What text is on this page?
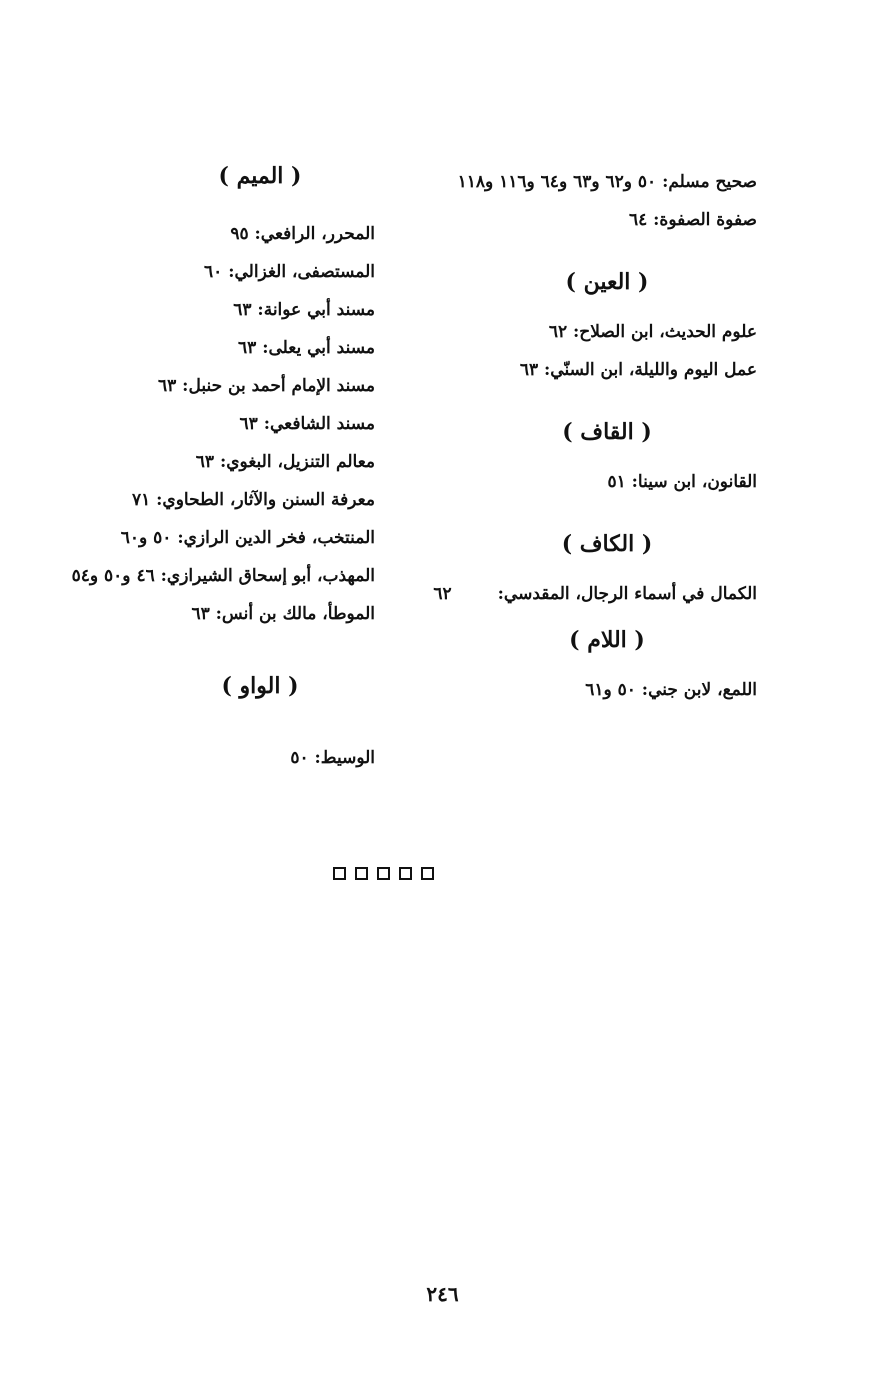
صحيح مسلم: ٥٠ و٦٢ و٦٣ و٦٤ و١١٦ و١١٨
صفوة الصفوة: ٦٤
( العين )
علوم الحديث، ابن الصلاح: ٦٢
عمل اليوم والليلة، ابن السنّي: ٦٣
( القاف )
القانون، ابن سينا: ٥١
( الكاف )
الكمال في أسماء الرجال، المقدسي:٦٢
( اللام )
اللمع، لابن جني: ٥٠ و٦١
( الميم )
المحرر، الرافعي: ٩٥
المستصفى، الغزالي: ٦٠
مسند أبي عوانة: ٦٣
مسند أبي يعلى: ٦٣
مسند الإمام أحمد بن حنبل: ٦٣
مسند الشافعي: ٦٣
معالم التنزيل، البغوي: ٦٣
معرفة السنن والآثار، الطحاوي: ٧١
المنتخب، فخر الدين الرازي: ٥٠ و٦٠
المهذب، أبو إسحاق الشيرازي: ٤٦ و٥٠ و٥٤
الموطأ، مالك بن أنس: ٦٣
( الواو )
الوسيط: ٥٠
٢٤٦
